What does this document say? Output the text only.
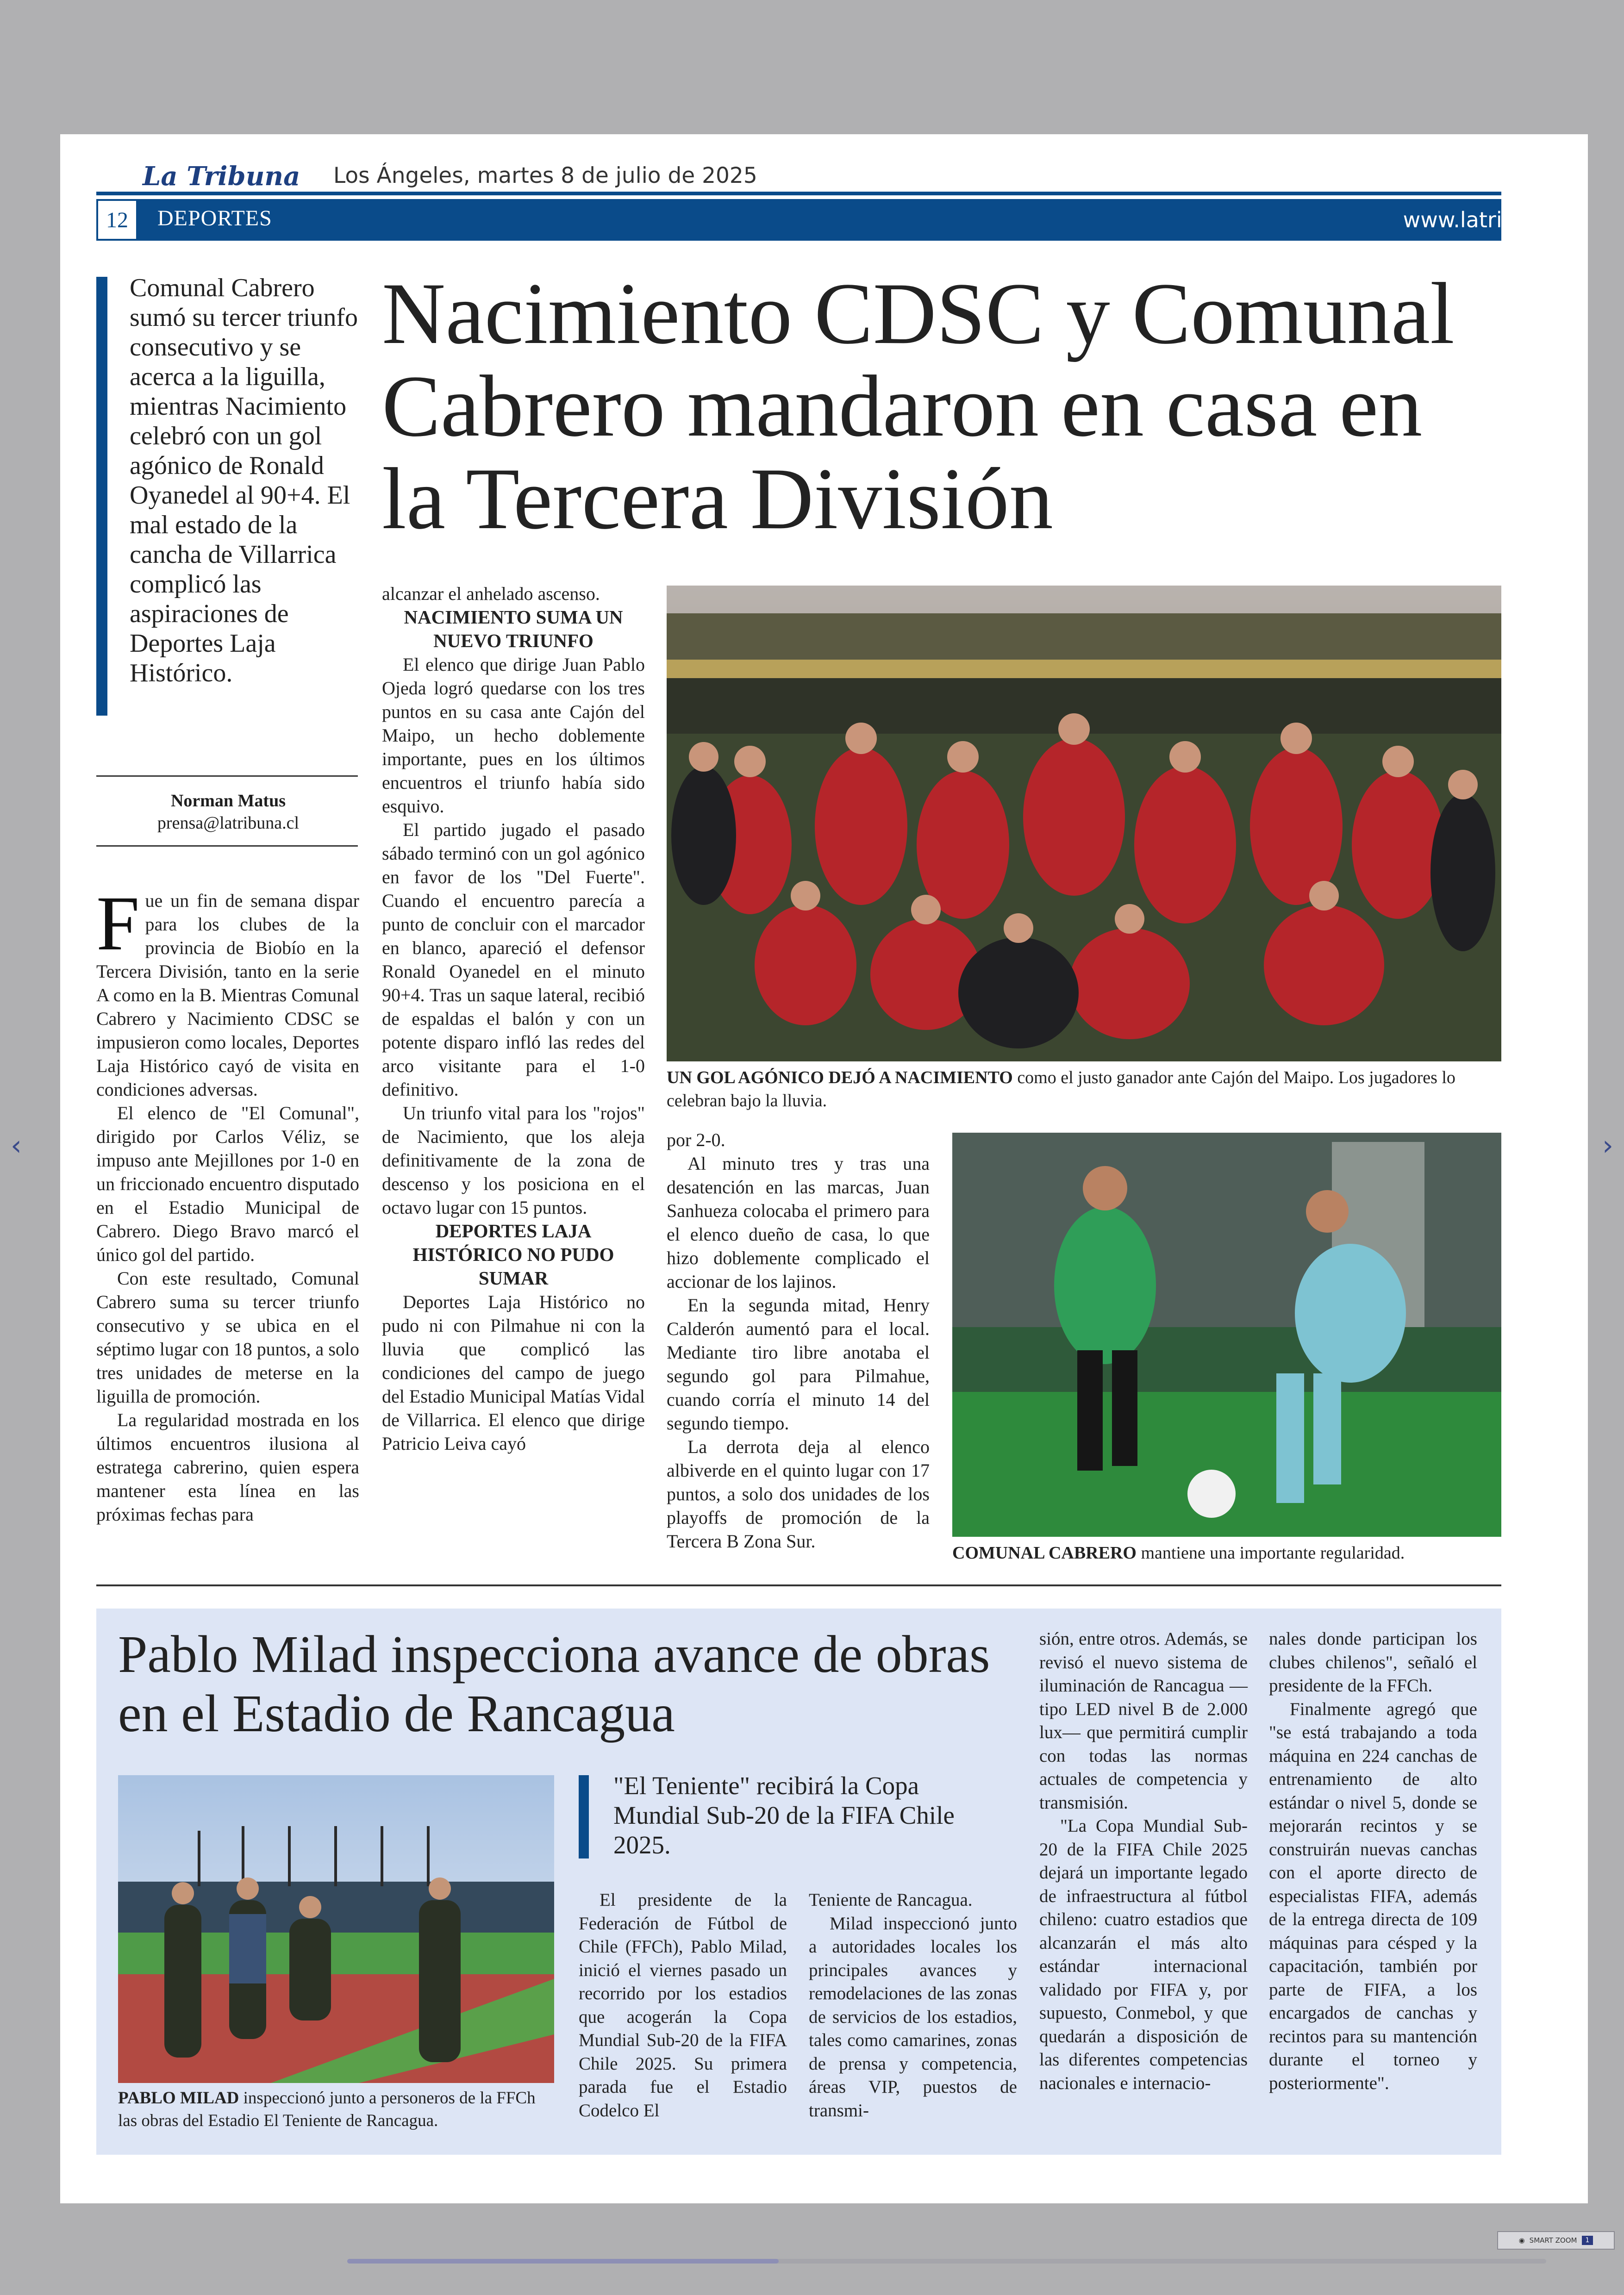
‹	›
La Tribuna Los Ángeles, martes 8 de julio de 2025
12	DEPORTES	www.latribuna.cl
Nacimiento CDSC y Comunal Cabrero mandaron en casa en la Tercera División
Comunal Cabrero sumó su tercer triunfo consecutivo y se acerca a la liguilla, mientras Nacimiento celebró con un gol agónico de Ronald Oyanedel al 90+4. El mal estado de la cancha de Villarrica complicó las aspiraciones de Deportes Laja Histórico.
Norman Matus
prensa@latribuna.cl

Fue un fin de semana dispar para los clubes de la provincia de Biobío en la Tercera División, tanto en la serie A como en la B. Mientras Comunal Cabrero y Nacimiento CDSC se impusieron como locales, Deportes Laja Histórico cayó de visita en condiciones adversas.

El elenco de "El Comunal", dirigido por Carlos Véliz, se impuso ante Mejillones por 1-0 en un friccionado encuentro disputado en el Estadio Municipal de Cabrero. Diego Bravo marcó el único gol del partido.

Con este resultado, Comunal Cabrero suma su tercer triunfo consecutivo y se ubica en el séptimo lugar con 18 puntos, a solo tres unidades de meterse en la liguilla de promoción.

La regularidad mostrada en los últimos encuentros ilusiona al estratega cabrerino, quien espera mantener esta línea en las próximas fechas para

alcanzar el anhelado ascenso.

NACIMIENTO SUMA UN NUEVO TRIUNFO

El elenco que dirige Juan Pablo Ojeda logró quedarse con los tres puntos en su casa ante Cajón del Maipo, un hecho doblemente importante, pues en los últimos encuentros el triunfo había sido esquivo.

El partido jugado el pasado sábado terminó con un gol agónico en favor de los "Del Fuerte". Cuando el encuentro parecía a punto de concluir con el marcador en blanco, apareció el defensor Ronald Oyanedel en el minuto 90+4. Tras un saque lateral, recibió de espaldas el balón y con un potente disparo infló las redes del arco visitante para el 1-0 definitivo.

Un triunfo vital para los "rojos" de Nacimiento, que los aleja definitivamente de la zona de descenso y los posiciona en el octavo lugar con 15 puntos.

DEPORTES LAJA HISTÓRICO NO PUDO SUMAR

Deportes Laja Histórico no pudo ni con Pilmahue ni con la lluvia que complicó las condiciones del campo de juego del Estadio Municipal Matías Vidal de Villarrica. El elenco que dirige Patricio Leiva cayó

UN GOL AGÓNICO DEJÓ A NACIMIENTO como el justo ganador ante Cajón del Maipo. Los jugadores lo celebran bajo la lluvia.

por 2-0.

Al minuto tres y tras una desatención en las marcas, Juan Sanhueza colocaba el primero para el elenco dueño de casa, lo que hizo doblemente complicado el accionar de los lajinos.

En la segunda mitad, Henry Calderón aumentó para el local. Mediante tiro libre anotaba el segundo gol para Pilmahue, cuando corría el minuto 14 del segundo tiempo.

La derrota deja al elenco albiverde en el quinto lugar con 17 puntos, a solo dos unidades de los playoffs de promoción de la Tercera B Zona Sur.

COMUNAL CABRERO mantiene una importante regularidad.
Pablo Milad inspecciona avance de obras en el Estadio de Rancagua
PABLO MILAD inspeccionó junto a personeros de la FFCh las obras del Estadio El Teniente de Rancagua.
"El Teniente" recibirá la Copa Mundial Sub-20 de la FIFA Chile 2025.

El presidente de la Federación de Fútbol de Chile (FFCh), Pablo Milad, inició el viernes pasado un recorrido por los estadios que acogerán la Copa Mundial Sub-20 de la FIFA Chile 2025. Su primera parada fue el Estadio Codelco El

Teniente de Rancagua.

Milad inspeccionó junto a autoridades locales los principales avances y remodelaciones de las zonas de servicios de los estadios, tales como camarines, zonas de prensa y competencia, áreas VIP, puestos de transmi-

sión, entre otros. Además, se revisó el nuevo sistema de iluminación de Rancagua —tipo LED nivel B de 2.000 lux— que permitirá cumplir con todas las normas actuales de competencia y transmisión.

"La Copa Mundial Sub-20 de la FIFA Chile 2025 dejará un importante legado de infraestructura al fútbol chileno: cuatro estadios que alcanzarán el más alto estándar internacional validado por FIFA y, por supuesto, Conmebol, y que quedarán a disposición de las diferentes competencias nacionales e internacio-

nales donde participan los clubes chilenos", señaló el presidente de la FFCh.

Finalmente agregó que "se está trabajando a toda máquina en 224 canchas de entrenamiento de alto estándar o nivel 5, donde se mejorarán recintos y se construirán nuevas canchas con el aporte directo de especialistas FIFA, además de la entrega directa de 109 máquinas para césped y la capacitación, también por parte de FIFA, a los encargados de canchas y recintos para su mantención durante el torneo y posteriormente".

◉ SMART ZOOM	1
